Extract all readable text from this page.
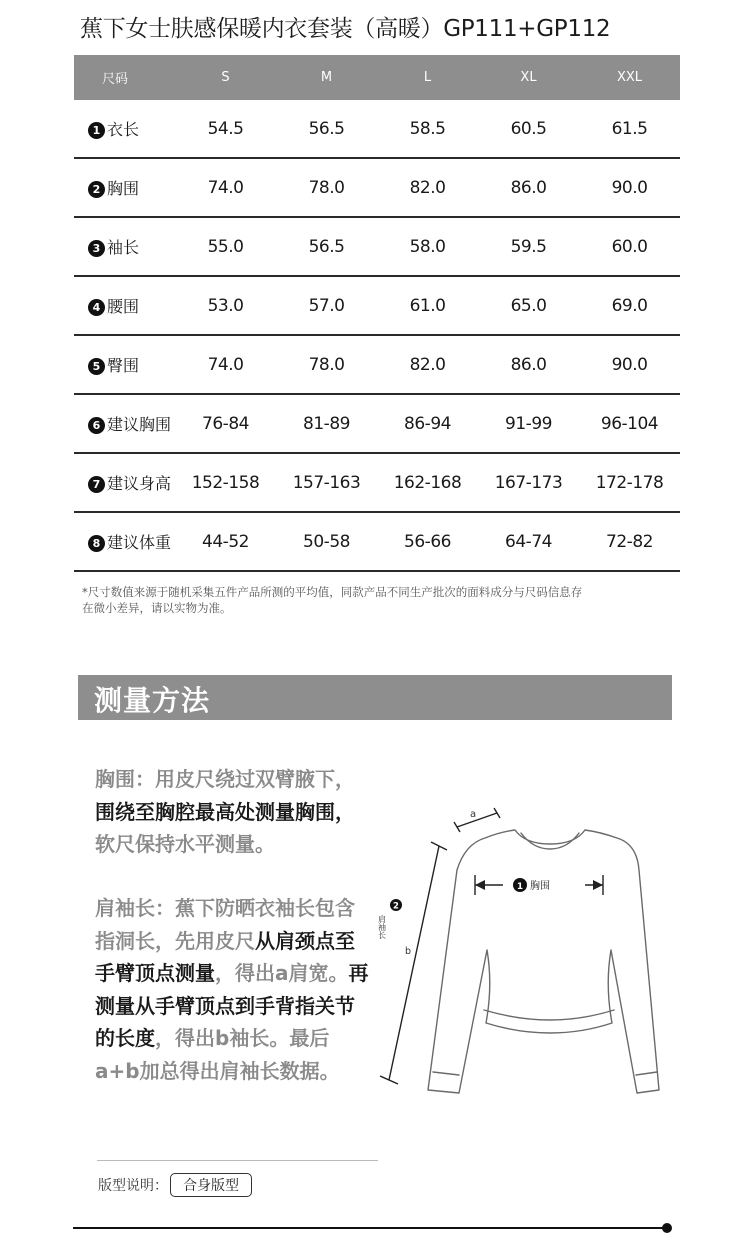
蕉下女士肤感保暖内衣套装（高暖）GP111+GP112
尺码	S	M	L	XL	XXL
1 衣长	54.5	56.5	58.5	60.5	61.5
2 胸围	74.0	78.0	82.0	86.0	90.0
3 袖长	55.0	56.5	58.0	59.5	60.0
4 腰围	53.0	57.0	61.0	65.0	69.0
5 臀围	74.0	78.0	82.0	86.0	90.0
6 建议胸围	76-84	81-89	86-94	91-99	96-104
7 建议身高	152-158	157-163	162-168	167-173	172-178
8 建议体重	44-52	50-58	56-66	64-74	72-82
*尺寸数值来源于随机采集五件产品所测的平均值，同款产品不同生产批次的面料成分与尺码信息存
在微小差异，请以实物为准。
测量方法
胸围：用皮尺绕过双臂腋下，围绕至胸腔最高处测量胸围，软尺保持水平测量。
肩袖长：蕉下防晒衣袖长包含指洞长，先用皮尺从肩颈点至手臂顶点测量，得出a肩宽。再测量从手臂顶点到手背指关节的长度，得出b袖长。最后a+b加总得出肩袖长数据。
a
1 胸围
2
肩袖长
b
版型说明： 合身版型
